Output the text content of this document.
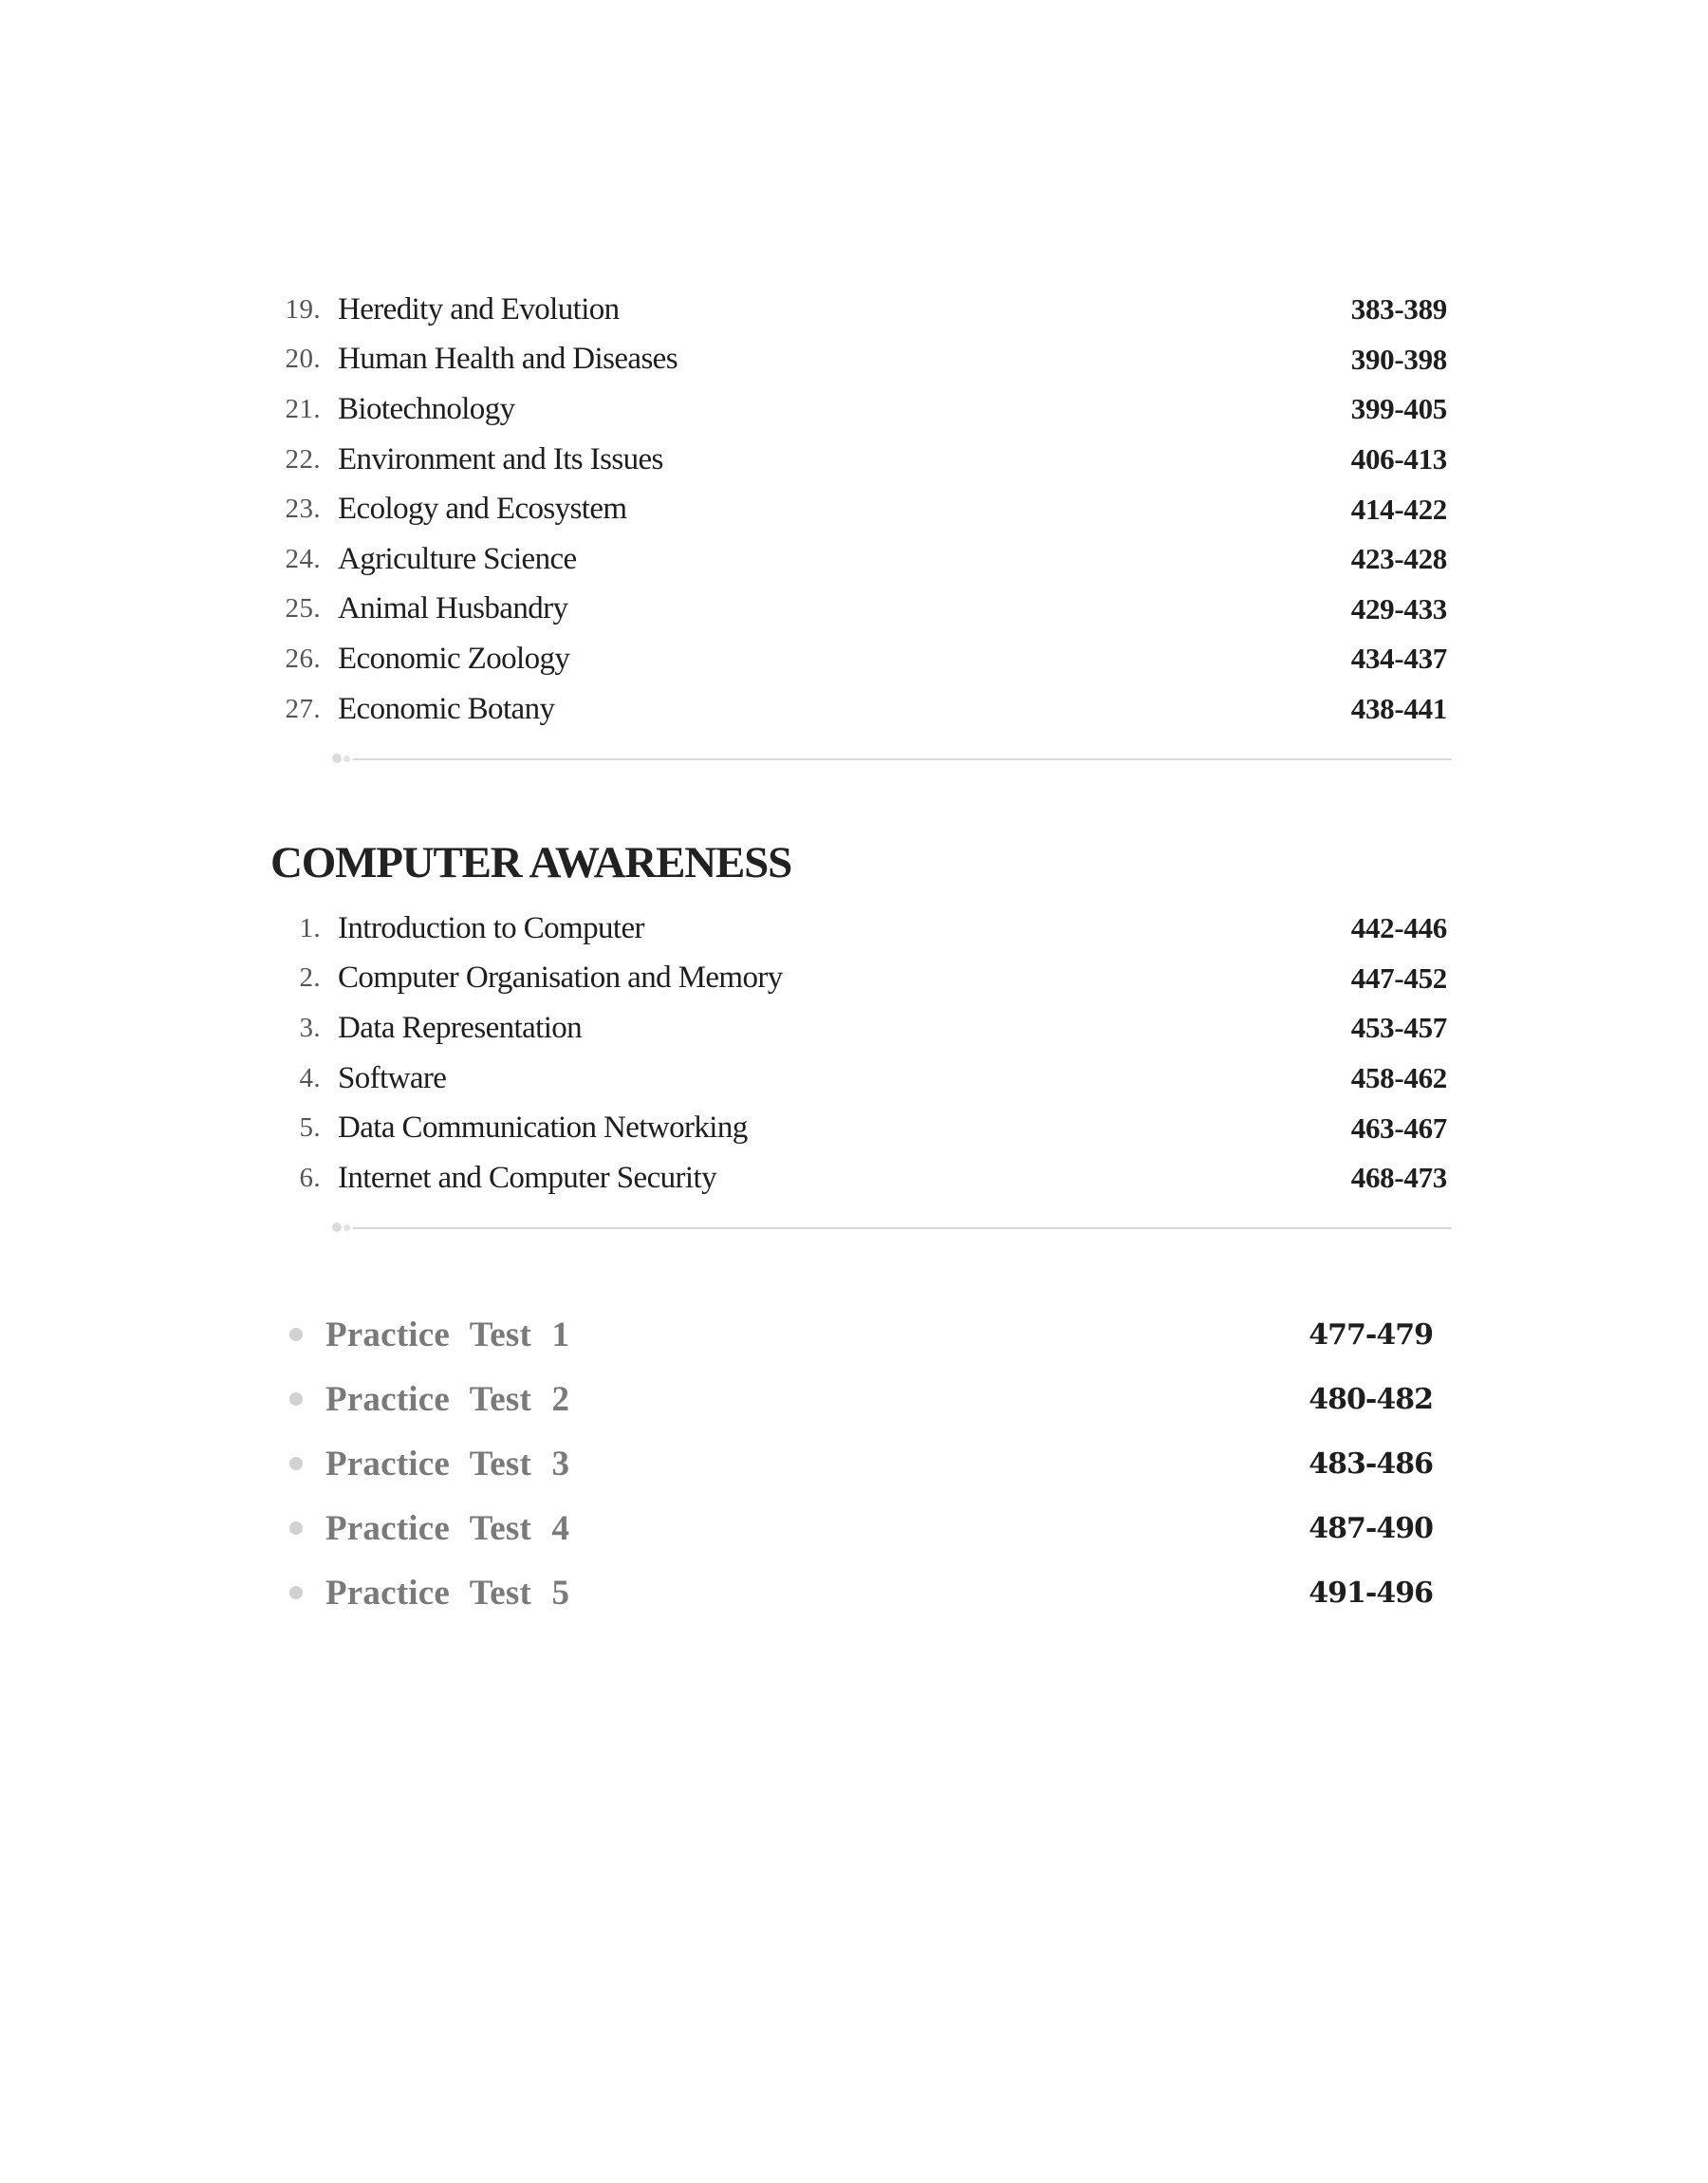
19. Heredity and Evolution	383-389
20. Human Health and Diseases	390-398
21. Biotechnology	399-405
22. Environment and Its Issues	406-413
23. Ecology and Ecosystem	414-422
24. Agriculture Science	423-428
25. Animal Husbandry	429-433
26. Economic Zoology	434-437
27. Economic Botany	438-441
COMPUTER AWARENESS
1. Introduction to Computer	442-446
2. Computer Organisation and Memory	447-452
3. Data Representation	453-457
4. Software	458-462
5. Data Communication Networking	463-467
6. Internet and Computer Security	468-473
Practice Test 1	477-479
Practice Test 2	480-482
Practice Test 3	483-486
Practice Test 4	487-490
Practice Test 5	491-496
